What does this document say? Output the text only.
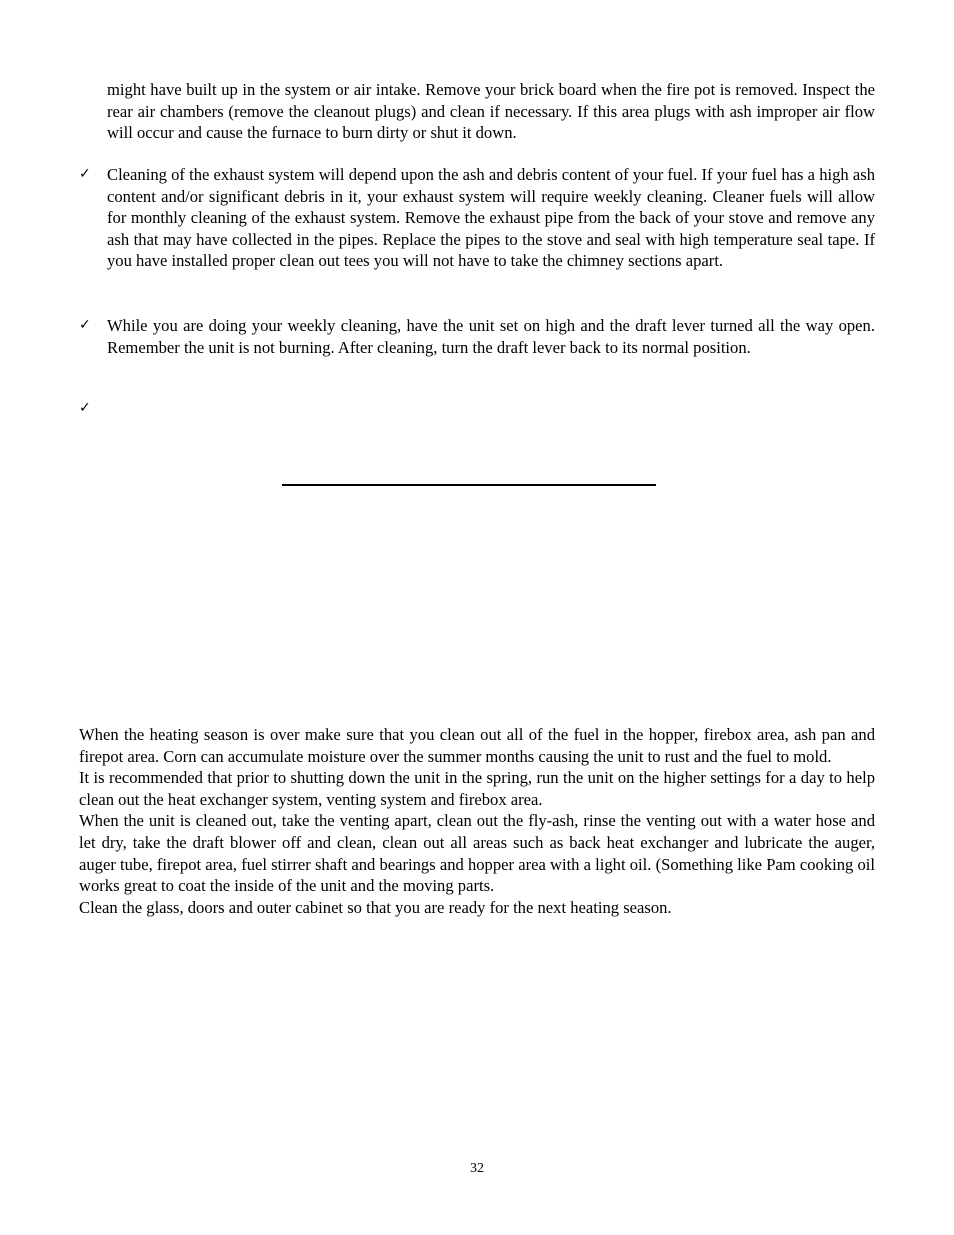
might have built up in the system or air intake. Remove your brick board when the fire pot is removed. Inspect the rear air chambers (remove the cleanout plugs) and clean if necessary. If this area plugs with ash improper air flow will occur and cause the furnace to burn dirty or shut it down.

✓ Cleaning of the exhaust system will depend upon the ash and debris content of your fuel. If your fuel has a high ash content and/or significant debris in it, your exhaust system will require weekly cleaning. Cleaner fuels will allow for monthly cleaning of the exhaust system. Remove the exhaust pipe from the back of your stove and remove any ash that may have collected in the pipes. Replace the pipes to the stove and seal with high temperature seal tape. If you have installed proper clean out tees you will not have to take the chimney sections apart.

✓ While you are doing your weekly cleaning, have the unit set on high and the draft lever turned all the way open. Remember the unit is not burning. After cleaning, turn the draft lever back to its normal position.

✓

When the heating season is over make sure that you clean out all of the fuel in the hopper, firebox area, ash pan and firepot area. Corn can accumulate moisture over the summer months causing the unit to rust and the fuel to mold.

It is recommended that prior to shutting down the unit in the spring, run the unit on the higher settings for a day to help clean out the heat exchanger system, venting system and firebox area.

When the unit is cleaned out, take the venting apart, clean out the fly-ash, rinse the venting out with a water hose and let dry, take the draft blower off and clean, clean out all areas such as back heat exchanger and lubricate the auger, auger tube, firepot area, fuel stirrer shaft and bearings and hopper area with a light oil. (Something like Pam cooking oil works great to coat the inside of the unit and the moving parts.

Clean the glass, doors and outer cabinet so that you are ready for the next heating season.

32
